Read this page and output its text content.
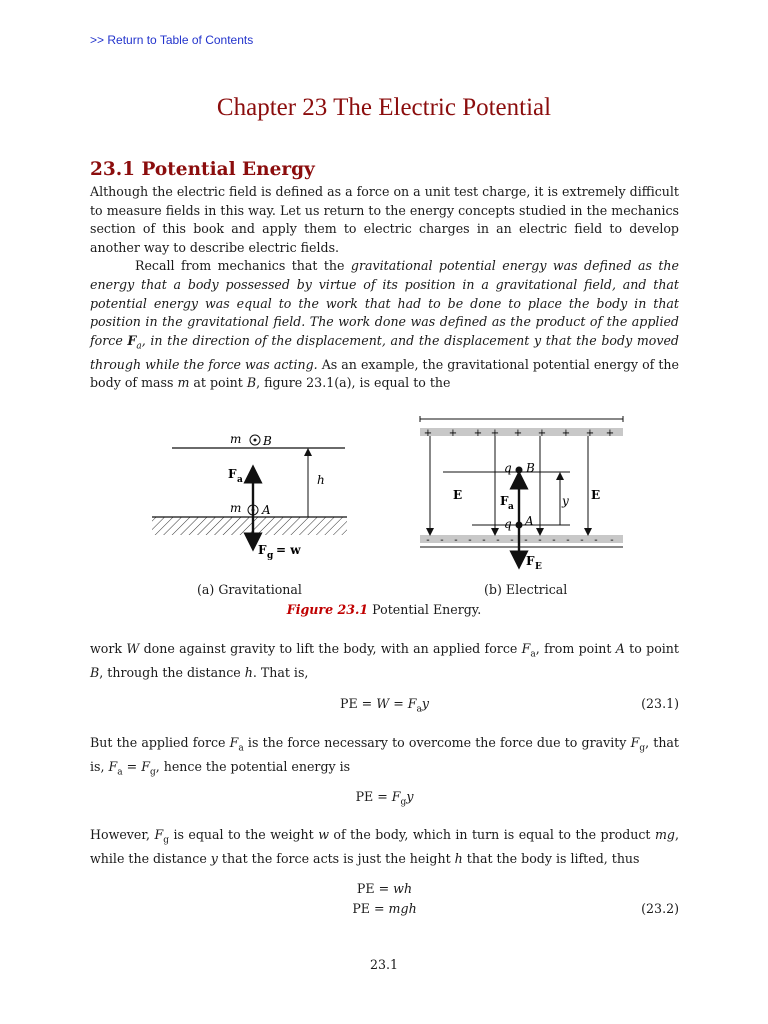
>> Return to Table of Contents
Chapter 23 The Electric Potential
23.1 Potential Energy

Although the electric field is defined as a force on a unit test charge, it is extremely difficult to measure fields in this way. Let us return to the energy concepts studied in the mechanics section of this book and apply them to electric charges in an electric field to develop another way to describe electric fields.

Recall from mechanics that the gravitational potential energy was defined as the energy that a body possessed by virtue of its position in a gravitational field, and that potential energy was equal to the work that had to be done to place the body in that position in the gravitational field. The work done was defined as the product of the applied force $F_a$, in the direction of the displacement, and the displacement y that the body moved through while the force was acting. As an example, the gravitational potential energy of the body of mass m at point B, figure 23.1(a), is equal to the

m B
F a	h
m A
F g = w
+ + + + + + + + +
- - - - - - - - - - - - - -
q B
E	F a	y E
q A
F E
(a) Gravitational	(b) Electrical
Figure 23.1 Potential Energy.

work W done against gravity to lift the body, with an applied force $F_a$, from point A to point B, through the distance h. That is,

PE = $W = F_ay$	(23.1)

But the applied force $F_a$ is the force necessary to overcome the force due to gravity $F_g$, that is, $F_a = F_g$, hence the potential energy is

PE = $F_gy$

However, $F_g$ is equal to the weight w of the body, which in turn is equal to the product mg, while the distance y that the force acts is just the height h that the body is lifted, thus

PE = wh
PE = mgh	(23.2)
23.1
